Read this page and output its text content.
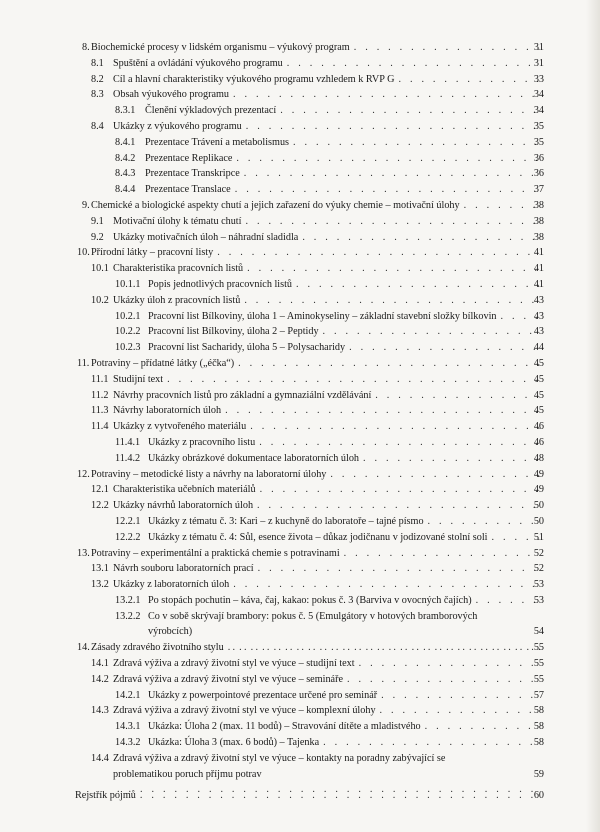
8. Biochemické procesy v lidském organismu – výukový program . . .	31
8.1 Spuštění a ovládání výukového programu . . .	31
8.2 Cíl a hlavní charakteristiky výukového programu vzhledem k RVP G . . .	33
8.3 Obsah výukového programu . . .	34
8.3.1 Členění výkladových prezentací . . .	34
8.4 Ukázky z výukového programu . . .	35
8.4.1 Prezentace Trávení a metabolismus . . .	35
8.4.2 Prezentace Replikace . . .	36
8.4.3 Prezentace Transkripce . . .	36
8.4.4 Prezentace Translace . . .	37
9. Chemické a biologické aspekty chutí a jejich zařazení do výuky chemie – motivační úlohy . . .	38
9.1 Motivační úlohy k tématu chutí . . .	38
9.2 Ukázky motivačních úloh – náhradní sladidla . . .	38
10. Přírodní látky – pracovní listy . . .	41
10.1 Charakteristika pracovních listů . . .	41
10.1.1 Popis jednotlivých pracovních listů . . .	41
10.2 Ukázky úloh z pracovních listů . . .	43
10.2.1 Pracovní list Bílkoviny, úloha 1 – Aminokyseliny – základní stavební složky bílkovin . . .	43
10.2.2 Pracovní list Bílkoviny, úloha 2 – Peptidy . . .	43
10.2.3 Pracovní list Sacharidy, úloha 5 – Polysacharidy . . .	44
11. Potraviny – přídatné látky („éčka“) . . .	45
11.1 Studijní text . . .	45
11.2 Návrhy pracovních listů pro základní a gymnaziální vzdělávání . . .	45
11.3 Návrhy laboratorních úloh . . .	45
11.4 Ukázky z vytvořeného materiálu . . .	46
11.4.1 Ukázky z pracovního listu . . .	46
11.4.2 Ukázky obrázkové dokumentace laboratorních úloh . . .	48
12. Potraviny – metodické listy a návrhy na laboratorní úlohy . . .	49
12.1 Charakteristika učebních materiálů . . .	49
12.2 Ukázky návrhů laboratorních úloh . . .	50
12.2.1 Ukázky z tématu č. 3: Kari – z kuchyně do laboratoře – tajné písmo . . .	50
12.2.2 Ukázky z tématu č. 4: Sůl, esence života – důkaz jodičnanu v jodizované stolní soli . . .	51
13. Potraviny – experimentální a praktická chemie s potravinami . . .	52
13.1 Návrh souboru laboratorních prací . . .	52
13.2 Ukázky z laboratorních úloh . . .	53
13.2.1 Po stopách pochutin – káva, čaj, kakao: pokus č. 3 (Barviva v ovocných čajích) . . .	53
13.2.2 Co v sobě skrývají brambory: pokus č. 5 (Emulgátory v hotových bramborových
výrobcích)
. . .	54
14. Zásady zdravého životního stylu . . .	55
14.1 Zdravá výživa a zdravý životní styl ve výuce – studijní text . . .	55
14.2 Zdravá výživa a zdravý životní styl ve výuce – semináře . . .	55
14.2.1 Ukázky z powerpointové prezentace určené pro seminář . . .	57
14.3 Zdravá výživa a zdravý životní styl ve výuce – komplexní úlohy . . .	58
14.3.1 Ukázka: Úloha 2 (max. 11 bodů) – Stravování dítěte a mladistvého . . .	58
14.3.2 Ukázka: Úloha 3 (max. 6 bodů) – Tajenka . . .	58
14.4 Zdravá výživa a zdravý životní styl ve výuce – kontakty na poradny zabývající se
problematikou poruch příjmu potrav
. . .	59
Rejstřík pojmů . . .	60
